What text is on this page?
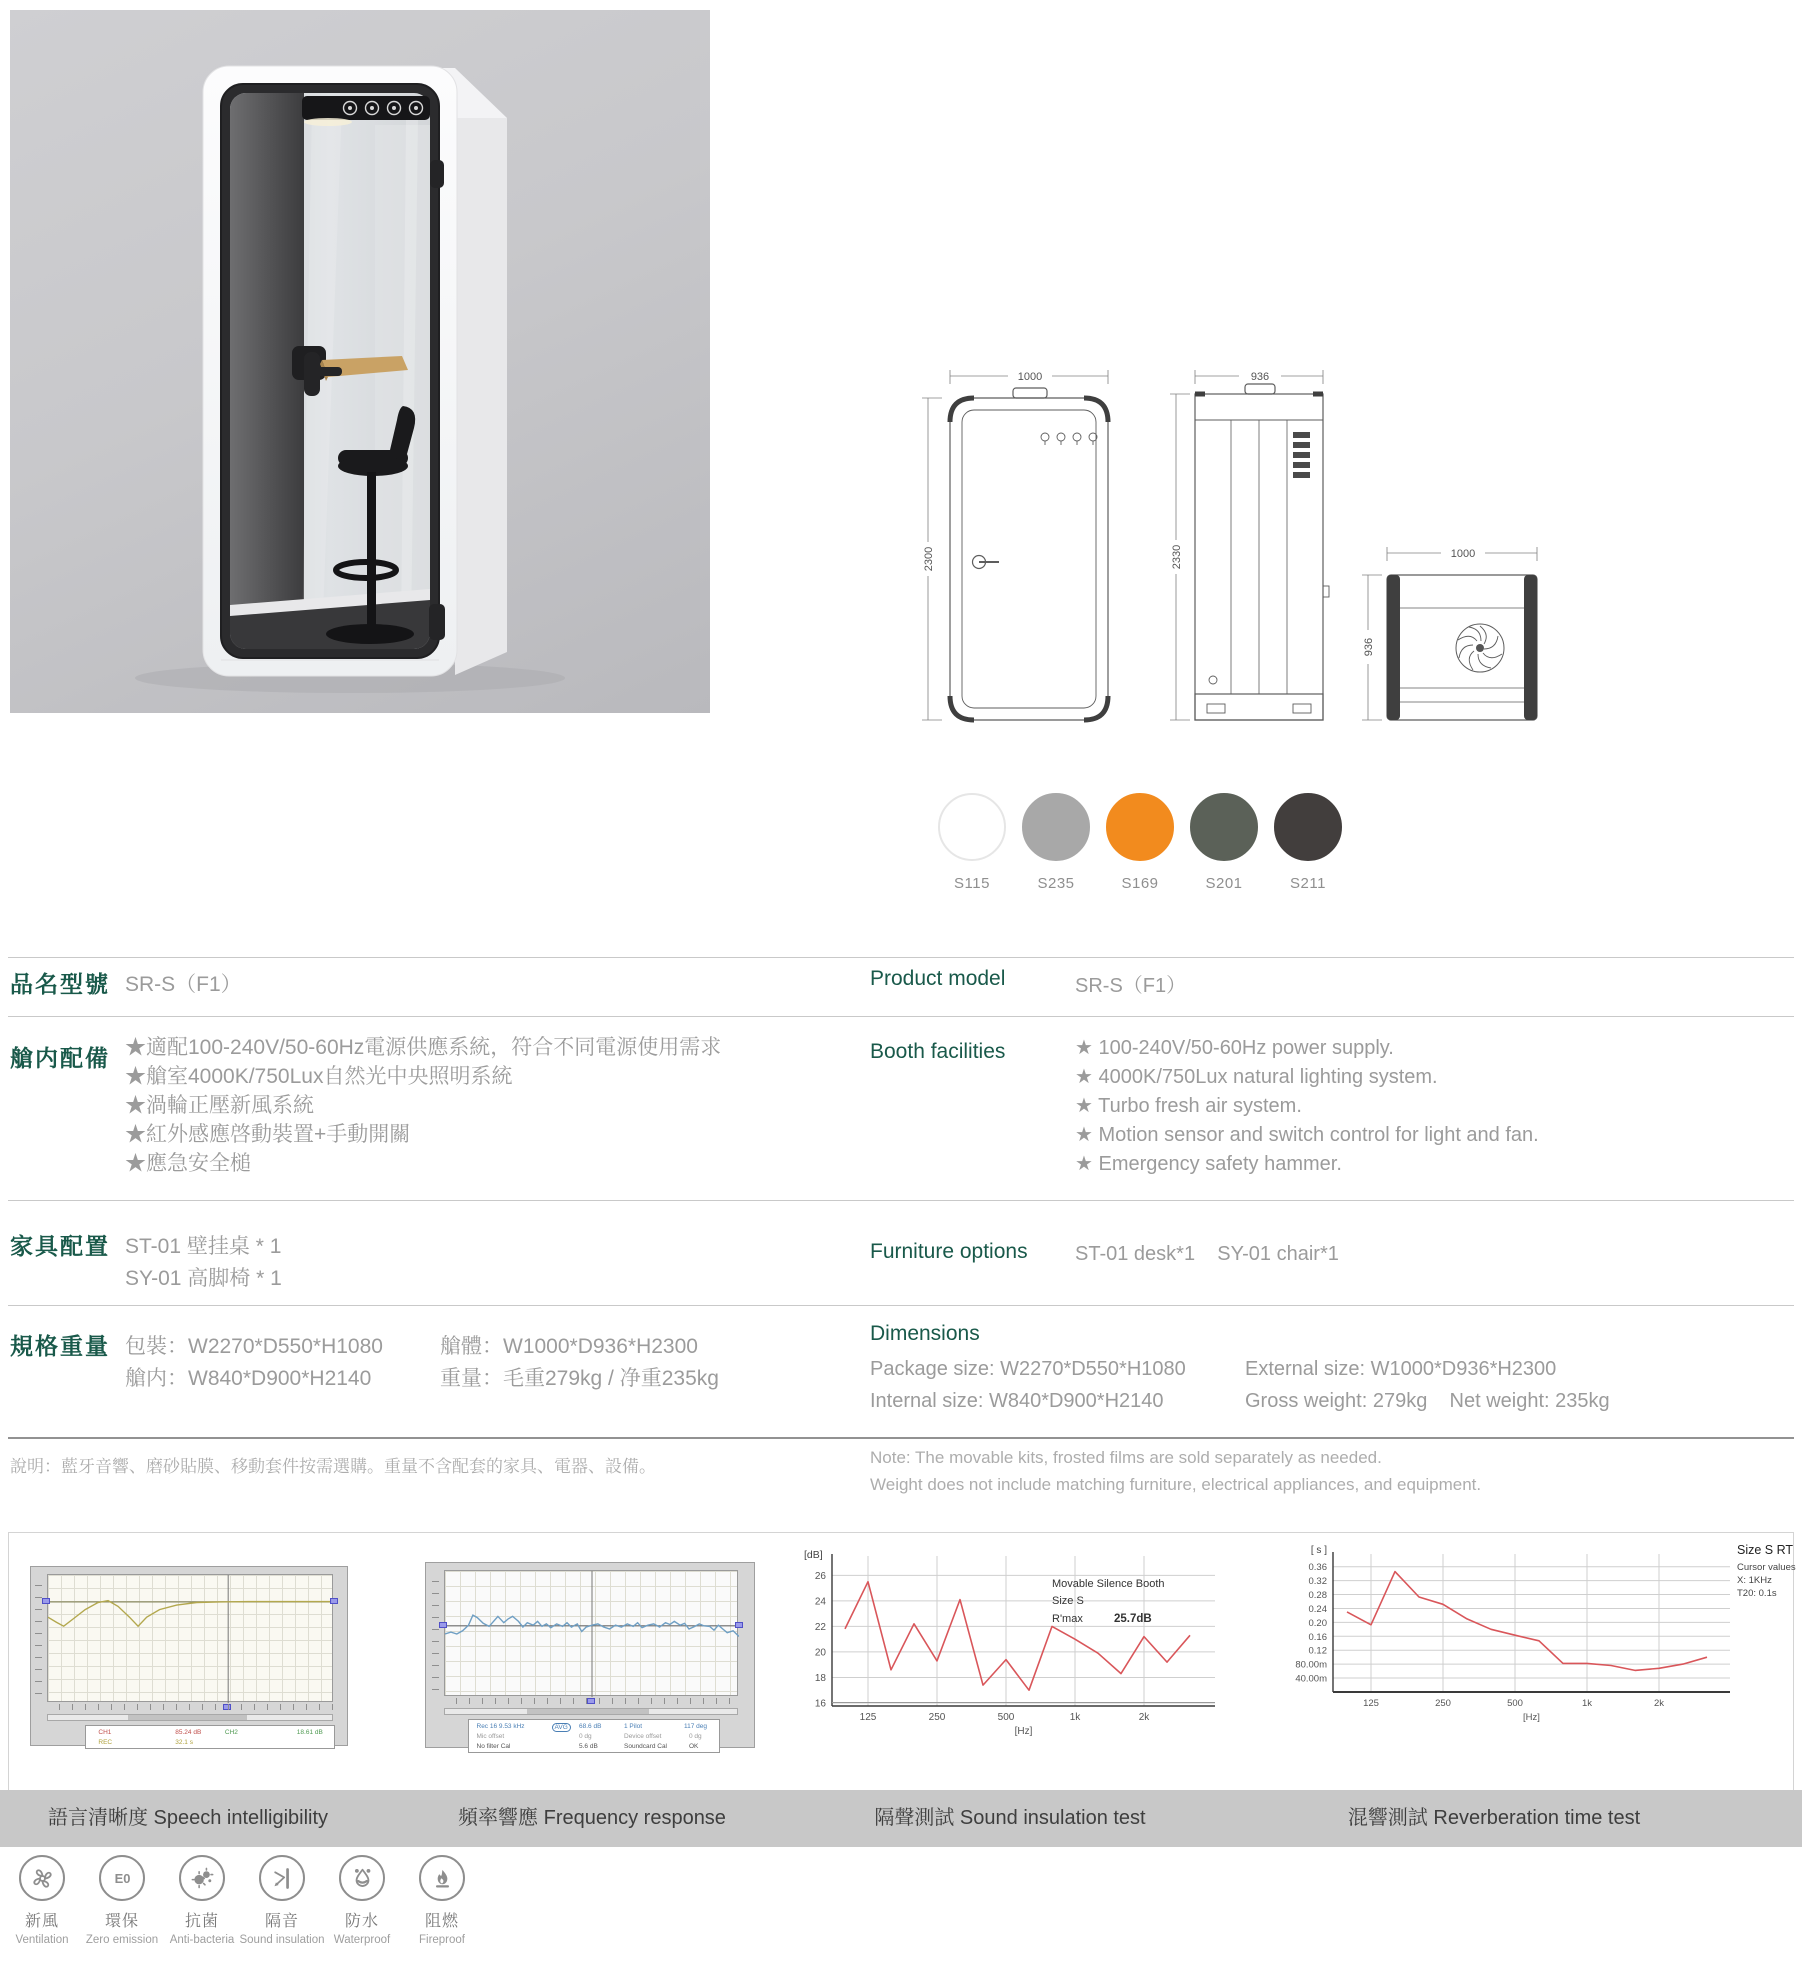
1000
2300
936
2330	1000
936
S115	S235	S169	S201	S211
品名型號 SR-S（F1）	Product model	SR-S（F1）
艙内配備 ★適配100-240V/50-60Hz電源供應系統，符合不同電源使用需求
★艙室4000K/750Lux自然光中央照明系統
★渦輪正壓新風系統
★紅外感應啓動裝置+手動開關
★應急安全槌
Booth facilities	★ 100-240V/50-60Hz power supply.
★ 4000K/750Lux natural lighting system.
★ Turbo fresh air system.
★ Motion sensor and switch control for light and fan.
★ Emergency safety hammer.
家具配置 ST-01 壁挂桌 * 1
SY-01 高脚椅 * 1
Furniture options ST-01 desk*1    SY-01 chair*1
規格重量 包裝：W2270*D550*H1080	艙體：W1000*D936*H2300
艙内：W840*D900*H2140	重量：毛重279kg / 净重235kg
Dimensions
Package size: W2270*D550*H1080	External size: W1000*D936*H2300
Internal size: W840*D900*H2140	Gross weight: 279kg    Net weight: 235kg
說明：藍牙音響、磨砂貼膜、移動套件按需選購。重量不含配套的家具、電器、設備。	Note: The movable kits, frosted films are sold separately as needed.
Weight does not include matching furniture, electrical appliances, and equipment.
CH1	85.24 dB	CH2	18.61 dB
REC	32.1 s
Rec 16 9.53 kHz	AVG	68.6 dB	1 Pilot	117 deg
Mic offset	0 dg	Device offset	0 dg
No filter Cal	5.6 dB	Soundcard Cal	OK
26
24
22
20
18
16
125	250	500	1k	2k
[dB]
[Hz]
Movable Silence Booth
Size S
R'max	25.7dB
0.36
0.32
0.28
0.24
0.20
0.16
0.12
80.00m
40.00m
125	250	500	1k	2k
[ s ]
[Hz]
Size S RT
Cursor values
X: 1KHz
T20: 0.1s
語言清晰度 Speech intelligibility	頻率響應 Frequency response	隔聲測試 Sound insulation test	混響測試 Reverberation time test
新風
Ventilation
E0
環保
Zero emission
抗菌
Anti-bacteria
隔音
Sound insulation
防水
Waterproof
阻燃
Fireproof
